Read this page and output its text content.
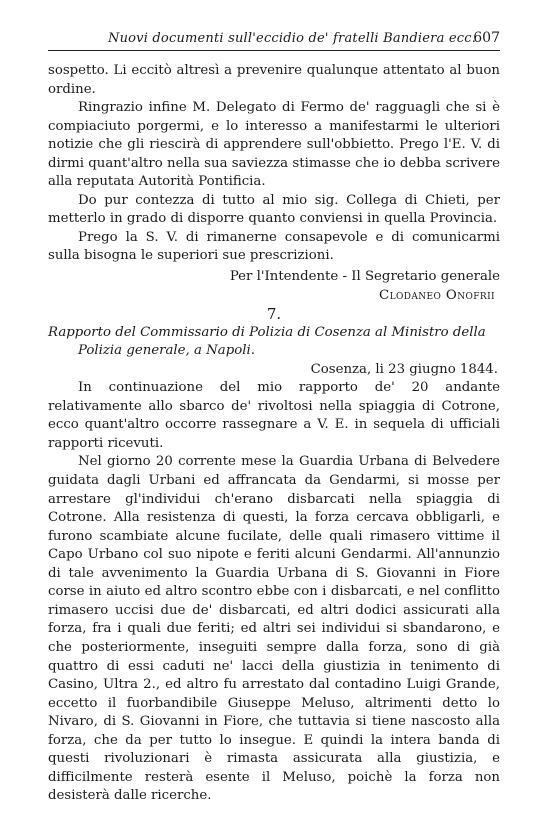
Nuovi documenti sull'eccidio de' fratelli Bandiera ecc.
607

sospetto. Li eccitò altresì a prevenire qualunque attentato al buon ordine.

Ringrazio infine M. Delegato di Fermo de' ragguagli che si è compiaciuto porgermi, e lo interesso a manifestarmi le ulteriori notizie che gli riescirà di apprendere sull'obbietto. Prego l'E. V. di dirmi quant'altro nella sua saviezza stimasse che io debba scrivere alla reputata Autorità Pontificia.

Do pur contezza di tutto al mio sig. Collega di Chieti, per metterlo in grado di disporre quanto conviensi in quella Provincia.

Prego la S. V. di rimanerne consapevole e di comunicarmi sulla bisogna le superiori sue prescrizioni.

Per l'Intendente - Il Segretario generale

Clodaneo Onofrii

7.

Rapporto del Commissario di Polizia di Cosenza al Ministro della

Polizia generale, a Napoli.

Cosenza, li 23 giugno 1844.

In continuazione del mio rapporto de' 20 andante relativamente allo sbarco de' rivoltosi nella spiaggia di Cotrone, ecco quant'altro occorre rassegnare a V. E. in sequela di ufficiali rapporti ricevuti.

Nel giorno 20 corrente mese la Guardia Urbana di Belvedere guidata dagli Urbani ed affrancata da Gendarmi, si mosse per arrestare gl'individui ch'erano disbarcati nella spiaggia di Cotrone. Alla resistenza di questi, la forza cercava obbligarli, e furono scambiate alcune fucilate, delle quali rimasero vittime il Capo Urbano col suo nipote e feriti alcuni Gendarmi. All'annunzio di tale avvenimento la Guardia Urbana di S. Giovanni in Fiore corse in aiuto ed altro scontro ebbe con i disbarcati, e nel conflitto rimasero uccisi due de' disbarcati, ed altri dodici assicurati alla forza, fra i quali due feriti; ed altri sei individui si sbandarono, e che posteriormente, inseguiti sempre dalla forza, sono di già quattro di essi caduti ne' lacci della giustizia in tenimento di Casino, Ultra 2., ed altro fu arrestato dal contadino Luigi Grande, eccetto il fuorbandibile Giuseppe Meluso, altrimenti detto lo Nivaro, di S. Giovanni in Fiore, che tuttavia si tiene nascosto alla forza, che da per tutto lo insegue. E quindi la intera banda di questi rivoluzionari è rimasta assicurata alla giustizia, e difficilmente resterà esente il Meluso, poichè la forza non desisterà dalle ricerche.
